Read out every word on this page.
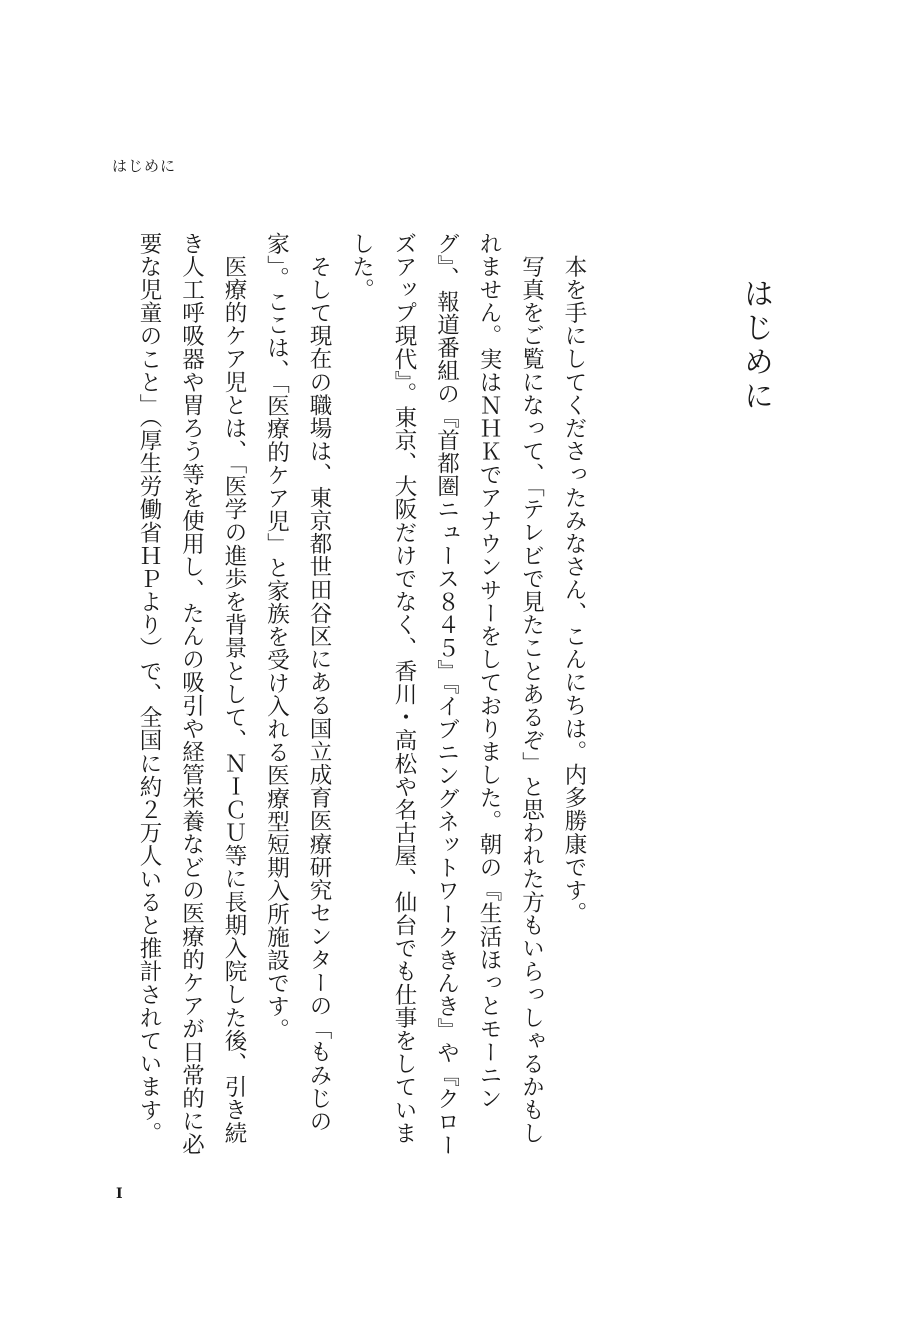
はじめに
はじめに

本を手にしてくださったみなさん、こんにちは。内多勝康です。

写真をご覧になって、「テレビで見たことあるぞ」と思われた方もいらっしゃるかもしれません。実はＮＨＫでアナウンサーをしておりました。朝の『生活ほっとモーニング』、報道番組の『首都圏ニュース８４５』『イブニングネットワークきんき』や『クローズアップ現代』。東京、大阪だけでなく、香川・高松や名古屋、仙台でも仕事をしていました。

そして現在の職場は、東京都世田谷区にある国立成育医療研究センターの「もみじの家」。ここは、「医療的ケア児」と家族を受け入れる医療型短期入所施設です。

医療的ケア児とは、「医学の進歩を背景として、ＮＩＣＵ等に長期入院した後、引き続き人工呼吸器や胃ろう等を使用し、たんの吸引や経管栄養などの医療的ケアが日常的に必要な児童のこと」（厚生労働省ＨＰより）で、全国に約２万人いると推計されています。

I
